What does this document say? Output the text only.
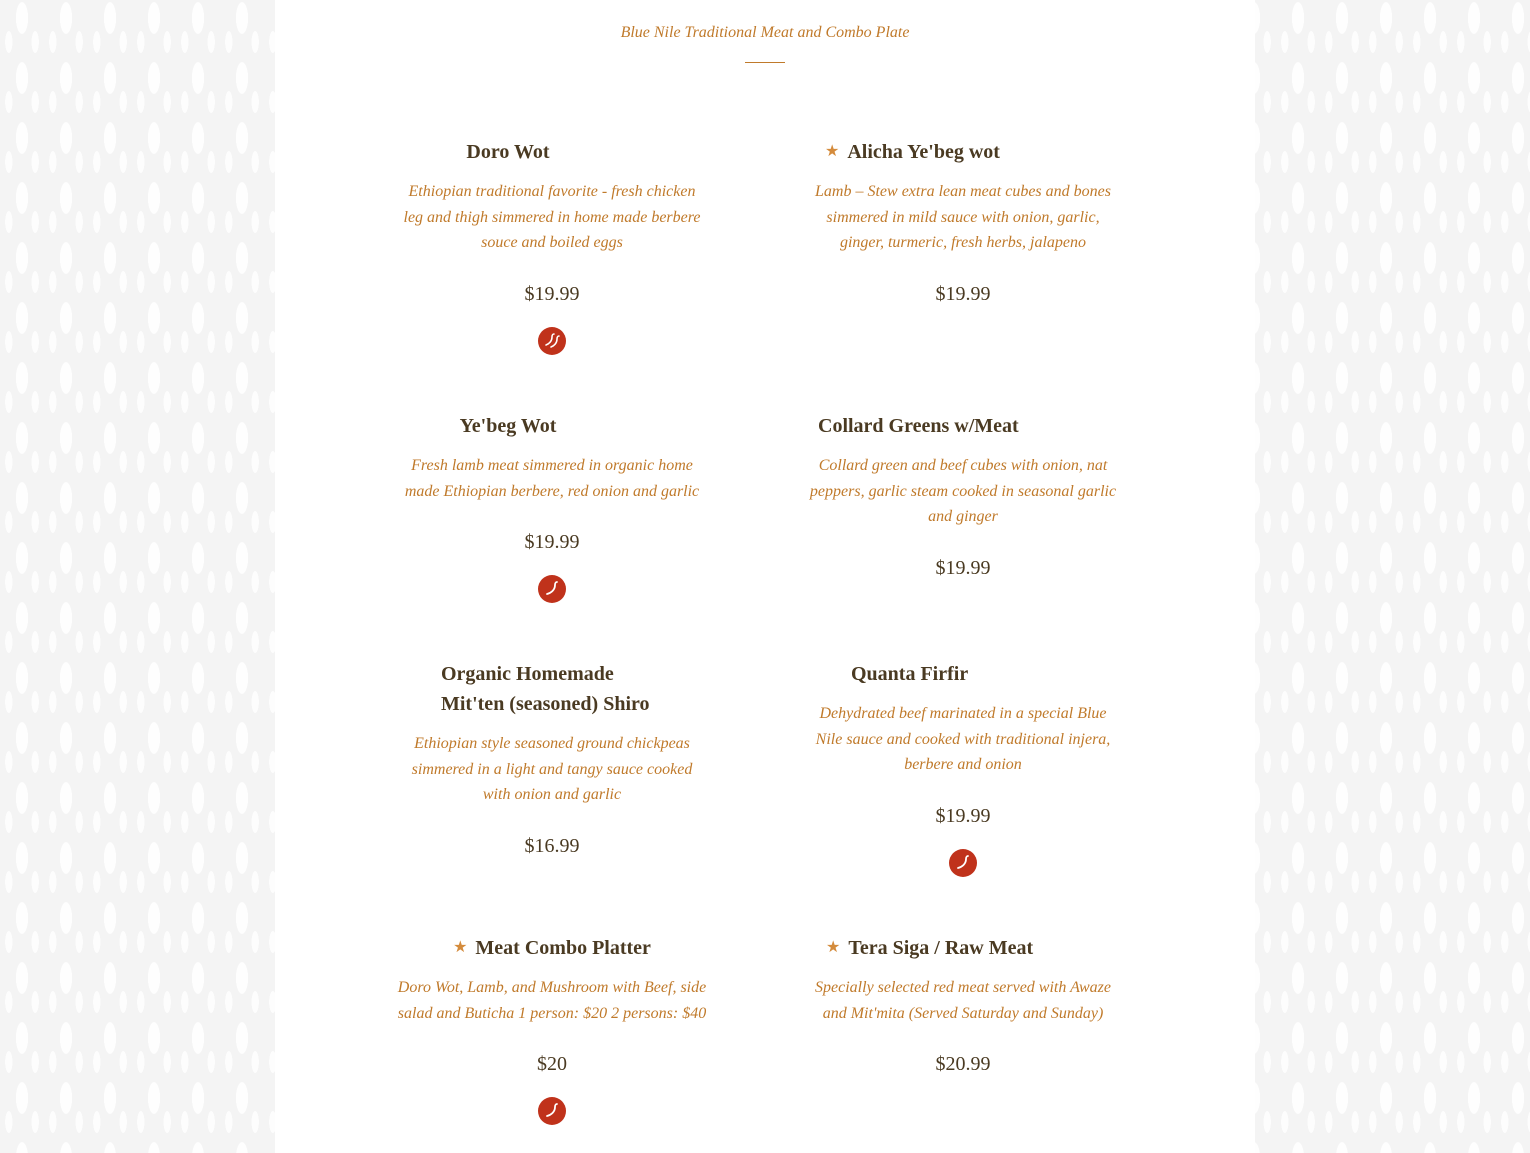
Blue Nile Traditional Meat and Combo Plate
Doro Wot

Ethiopian traditional favorite - fresh chicken leg and thigh simmered in home made berbere souce and boiled eggs

$19.99
★ Alicha Ye'beg wot

Lamb – Stew extra lean meat cubes and bones simmered in mild sauce with onion, garlic, ginger, turmeric, fresh herbs, jalapeno

$19.99
Ye'beg Wot

Fresh lamb meat simmered in organic home made Ethiopian berbere, red onion and garlic

$19.99
Collard Greens w/Meat

Collard green and beef cubes with onion, nat peppers, garlic steam cooked in seasonal garlic and ginger

$19.99
Organic Homemade Mit'ten (seasoned) Shiro

Ethiopian style seasoned ground chickpeas simmered in a light and tangy sauce cooked with onion and garlic

$16.99
Quanta Firfir

Dehydrated beef marinated in a special Blue Nile sauce and cooked with traditional injera, berbere and onion

$19.99
★ Meat Combo Platter

Doro Wot, Lamb, and Mushroom with Beef, side salad and Buticha 1 person: $20 2 persons: $40

$20
★ Tera Siga / Raw Meat

Specially selected red meat served with Awaze and Mit'mita (Served Saturday and Sunday)

$20.99
